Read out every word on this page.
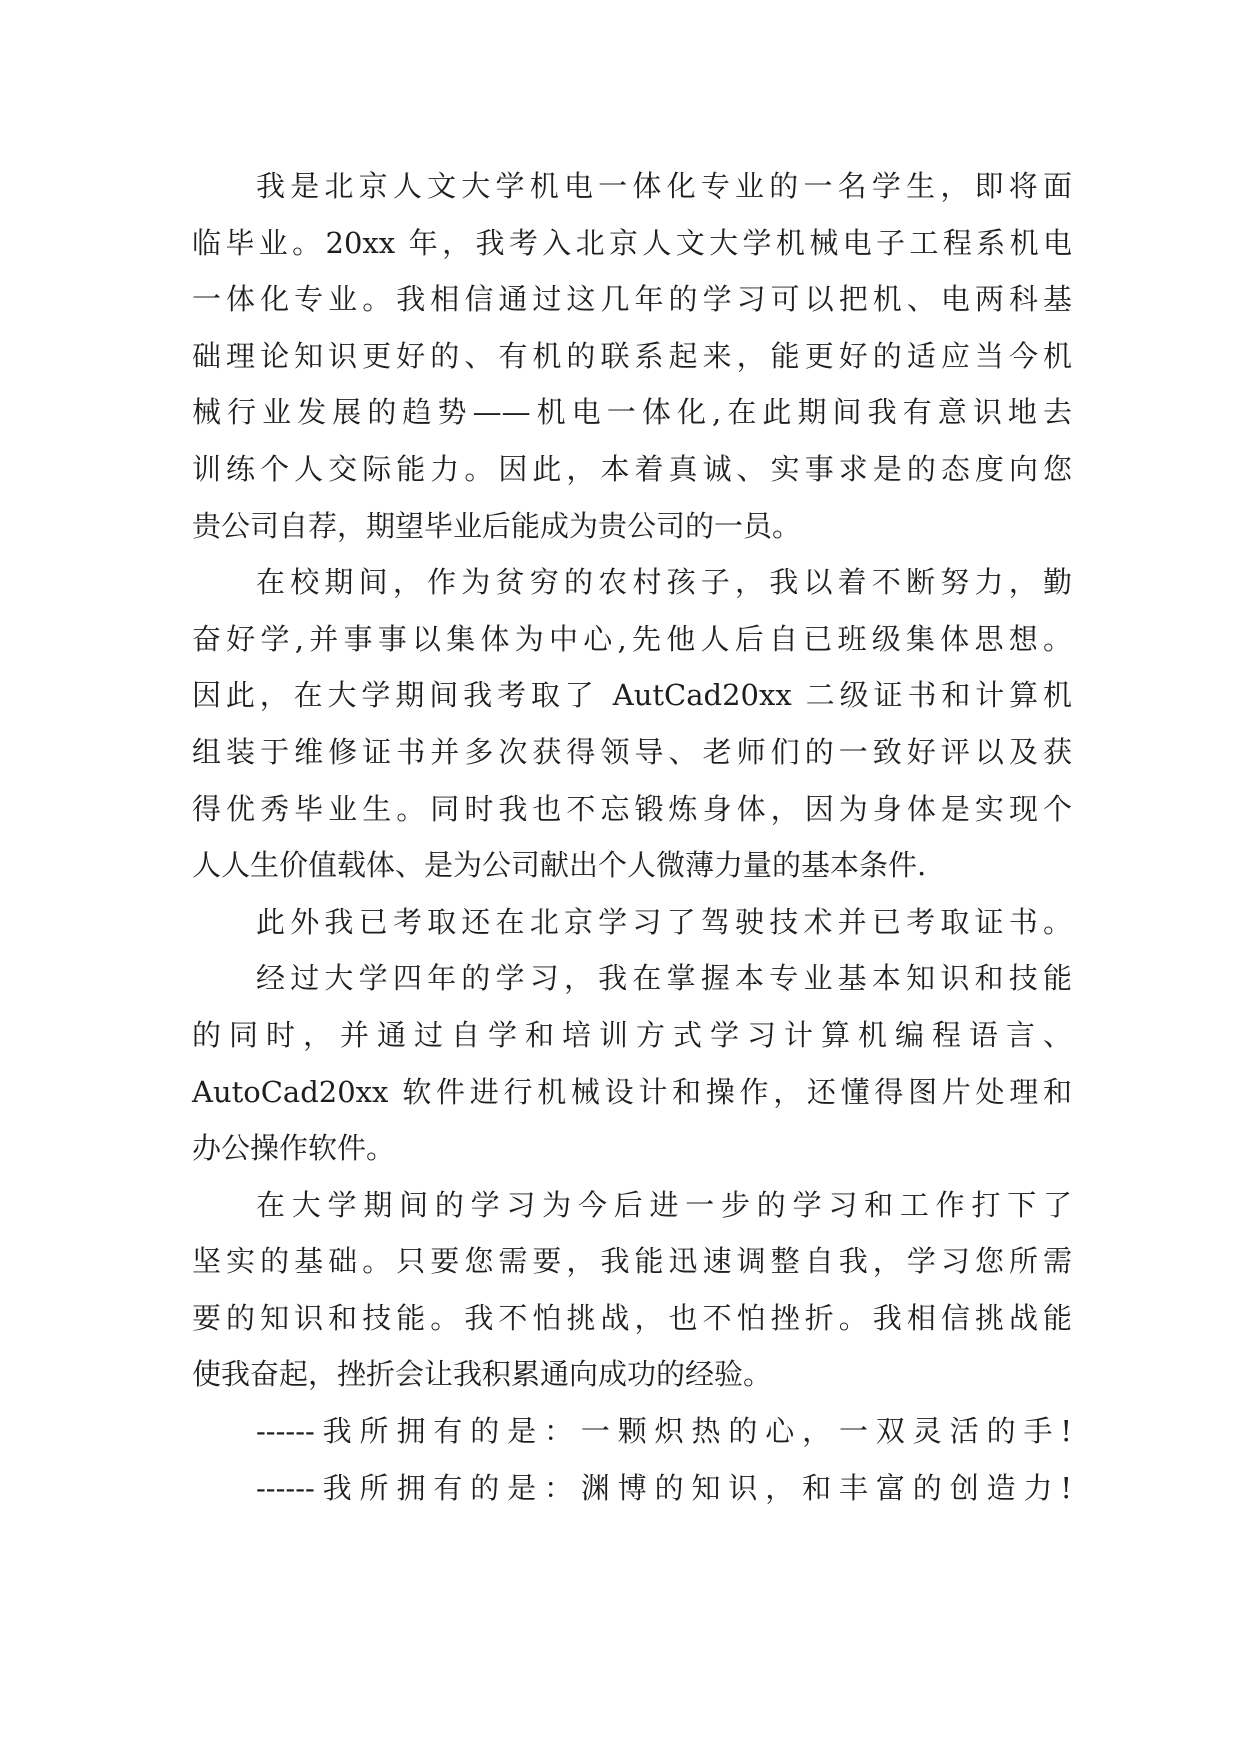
我是北京人文大学机电一体化专业的一名学生，即将面
临毕业。20xx 年，我考入北京人文大学机械电子工程系机电
一体化专业。我相信通过这几年的学习可以把机、电两科基
础理论知识更好的、有机的联系起来，能更好的适应当今机
械行业发展的趋势——机电一体化,在此期间我有意识地去
训练个人交际能力。因此，本着真诚、实事求是的态度向您
贵公司自荐，期望毕业后能成为贵公司的一员。
在校期间，作为贫穷的农村孩子，我以着不断努力，勤
奋好学,并事事以集体为中心,先他人后自已班级集体思想。
因此，在大学期间我考取了 AutCad20xx 二级证书和计算机
组装于维修证书并多次获得领导、老师们的一致好评以及获
得优秀毕业生。同时我也不忘锻炼身体，因为身体是实现个
人人生价值载体、是为公司献出个人微薄力量的基本条件.
此外我已考取还在北京学习了驾驶技术并已考取证书。
经过大学四年的学习，我在掌握本专业基本知识和技能
的同时，并通过自学和培训方式学习计算机编程语言、
AutoCad20xx 软件进行机械设计和操作，还懂得图片处理和
办公操作软件。
在大学期间的学习为今后进一步的学习和工作打下了
坚实的基础。只要您需要，我能迅速调整自我，学习您所需
要的知识和技能。我不怕挑战，也不怕挫折。我相信挑战能
使我奋起，挫折会让我积累通向成功的经验。
------我所拥有的是：一颗炽热的心，一双灵活的手!
------我所拥有的是：渊博的知识，和丰富的创造力!
